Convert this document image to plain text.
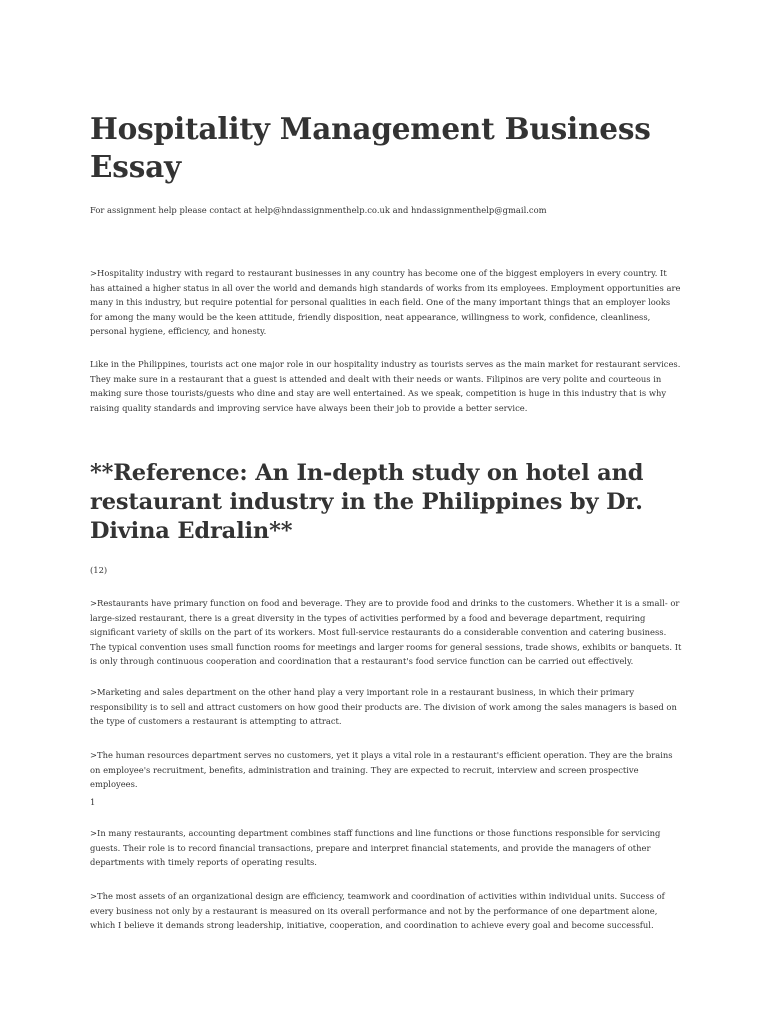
Hospitality Management Business Essay
For assignment help please contact at help@hndassignmenthelp.co.uk and hndassignmenthelp@gmail.com

>Hospitality industry with regard to restaurant businesses in any country has become one of the biggest employers in every country. It has attained a higher status in all over the world and demands high standards of works from its employees. Employment opportunities are many in this industry, but require potential for personal qualities in each field. One of the many important things that an employer looks for among the many would be the keen attitude, friendly disposition, neat appearance, willingness to work, confidence, cleanliness, personal hygiene, efficiency, and honesty.

Like in the Philippines, tourists act one major role in our hospitality industry as tourists serves as the main market for restaurant services. They make sure in a restaurant that a guest is attended and dealt with their needs or wants. Filipinos are very polite and courteous in making sure those tourists/guests who dine and stay are well entertained. As we speak, competition is huge in this industry that is why raising quality standards and improving service have always been their job to provide a better service.

**Reference: An In-depth study on hotel and restaurant industry in the Philippines by Dr. Divina Edralin**
(12)

>Restaurants have primary function on food and beverage. They are to provide food and drinks to the customers. Whether it is a small- or large-sized restaurant, there is a great diversity in the types of activities performed by a food and beverage department, requiring significant variety of skills on the part of its workers. Most full-service restaurants do a considerable convention and catering business. The typical convention uses small function rooms for meetings and larger rooms for general sessions, trade shows, exhibits or banquets. It is only through continuous cooperation and coordination that a restaurant's food service function can be carried out effectively.

>Marketing and sales department on the other hand play a very important role in a restaurant business, in which their primary responsibility is to sell and attract customers on how good their products are. The division of work among the sales managers is based on the type of customers a restaurant is attempting to attract.

>The human resources department serves no customers, yet it plays a vital role in a restaurant's efficient operation. They are the brains on employee's recruitment, benefits, administration and training. They are expected to recruit, interview and screen prospective employees.

1

>In many restaurants, accounting department combines staff functions and line functions or those functions responsible for servicing guests. Their role is to record financial transactions, prepare and interpret financial statements, and provide the managers of other departments with timely reports of operating results.

>The most assets of an organizational design are efficiency, teamwork and coordination of activities within individual units. Success of every business not only by a restaurant is measured on its overall performance and not by the performance of one department alone, which I believe it demands strong leadership, initiative, cooperation, and coordination to achieve every goal and become successful.
